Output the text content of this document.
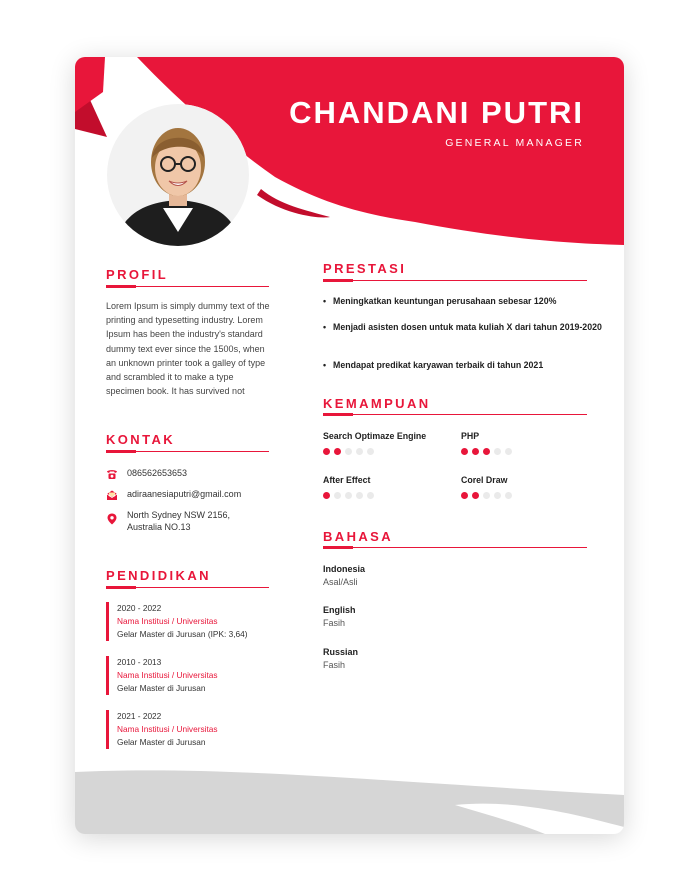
CHANDANI PUTRI
GENERAL MANAGER
PROFIL

Lorem Ipsum is simply dummy text of the printing and typesetting industry. Lorem Ipsum has been the industry's standard dummy text ever since the 1500s, when an unknown printer took a galley of type and scrambled it to make a type specimen book. It has survived not

KONTAK
086562653653
adiraanesiaputri@gmail.com
North Sydney NSW 2156,
Australia NO.13
PENDIDIKAN
2020 - 2022
Nama Institusi / Universitas
Gelar Master di Jurusan (IPK: 3,64)
2010 - 2013
Nama Institusi / Universitas
Gelar Master di Jurusan
2021 - 2022
Nama Institusi / Universitas
Gelar Master di Jurusan
PRESTASI
• Meningkatkan keuntungan perusahaan sebesar 120%
• Menjadi asisten dosen untuk mata kuliah X dari tahun 2019-2020
• Mendapat predikat karyawan terbaik di tahun 2021
KEMAMPUAN
Search Optimaze Engine	PHP
After Effect	Corel Draw
BAHASA
Indonesia
Asal/Asli
English
Fasih
Russian
Fasih
